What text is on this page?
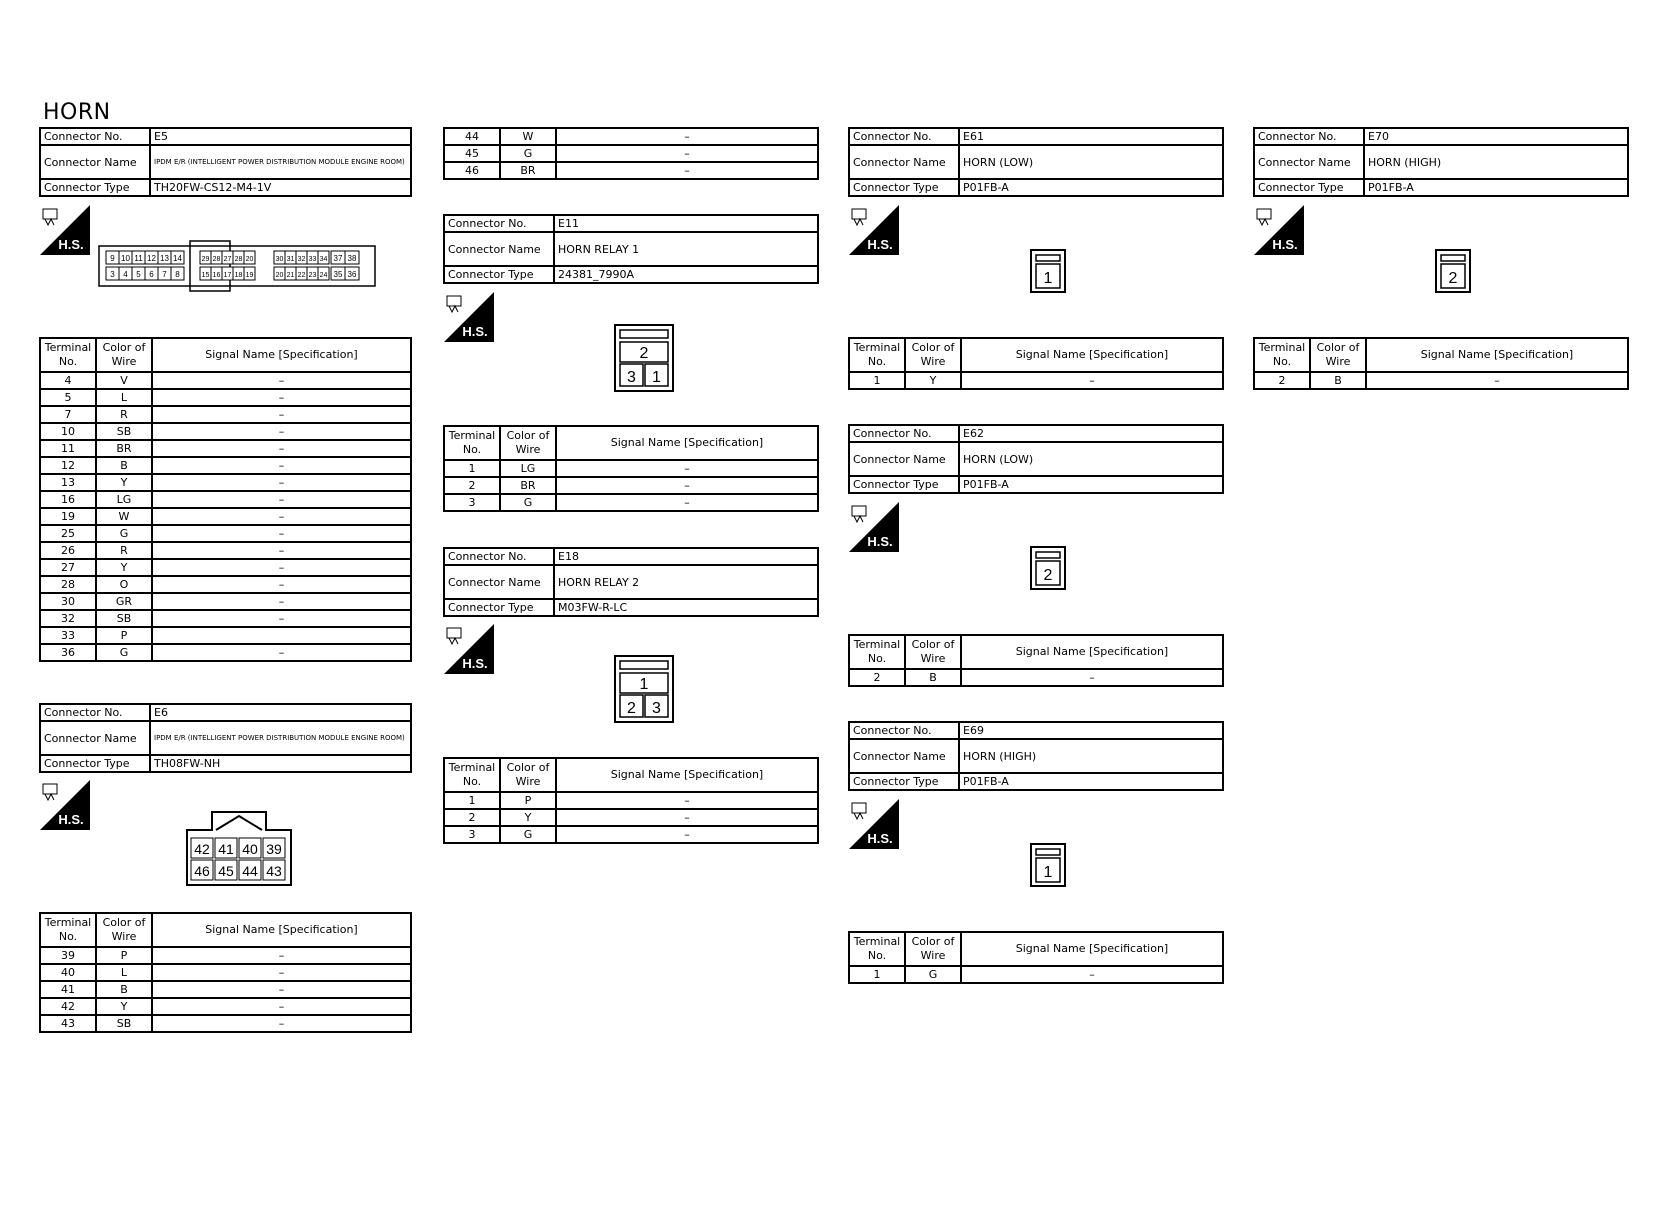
HORN
Connector No.	E5
Connector Name	IPDM E/R (INTELLIGENT POWER DISTRIBUTION MODULE ENGINE ROOM)

Connector Type	TH20FW-CS12-M4-1V
H.S.
9
3
10
4
11
5
12
6
13
7
14
8
29
15
28
16
27
17
28
18
20
19
30
20
31
21
32
22
33
23
34
24
37
35
38
36
Terminal No.	Color of Wire	Signal Name [Specification]
4	V	–
5	L	–
7	R	–
10	SB	–
11	BR	–
12	B	–
13	Y	–
16	LG	–
19	W	–
25	G	–
26	R	–
27	Y	–
28	O	–
30	GR	–
32	SB	–
33	P	
36	G	–
Connector No.	E6
Connector Name	IPDM E/R (INTELLIGENT POWER DISTRIBUTION MODULE ENGINE ROOM)

Connector Type	TH08FW-NH
H.S.
42
46
41
45
40
44
39
43
Terminal No.	Color of Wire	Signal Name [Specification]
39	P	–
40	L	–
41	B	–
42	Y	–
43	SB	–
44	W	–
45	G	–
46	BR	–
Connector No.	E11
Connector Name	HORN RELAY 1
Connector Type	24381_7990A
H.S.
2
3 1
Terminal No.	Color of Wire	Signal Name [Specification]
1	LG	–
2	BR	–
3	G	–
Connector No.	E18
Connector Name	HORN RELAY 2
Connector Type	M03FW-R-LC
H.S.
1
2 3
Terminal No.	Color of Wire	Signal Name [Specification]
1	P	–
2	Y	–
3	G	–
Connector No.	E61
Connector Name	HORN (LOW)
Connector Type	P01FB-A
H.S.
1
Terminal No.	Color of Wire	Signal Name [Specification]
1	Y	–
Connector No.	E62
Connector Name	HORN (LOW)
Connector Type	P01FB-A
H.S.
2
Terminal No.	Color of Wire	Signal Name [Specification]
2	B	–
Connector No.	E69
Connector Name	HORN (HIGH)
Connector Type	P01FB-A
H.S.
1
Terminal No.	Color of Wire	Signal Name [Specification]
1	G	–
Connector No.	E70
Connector Name	HORN (HIGH)
Connector Type	P01FB-A
H.S.
2
Terminal No.	Color of Wire	Signal Name [Specification]
2	B	–
